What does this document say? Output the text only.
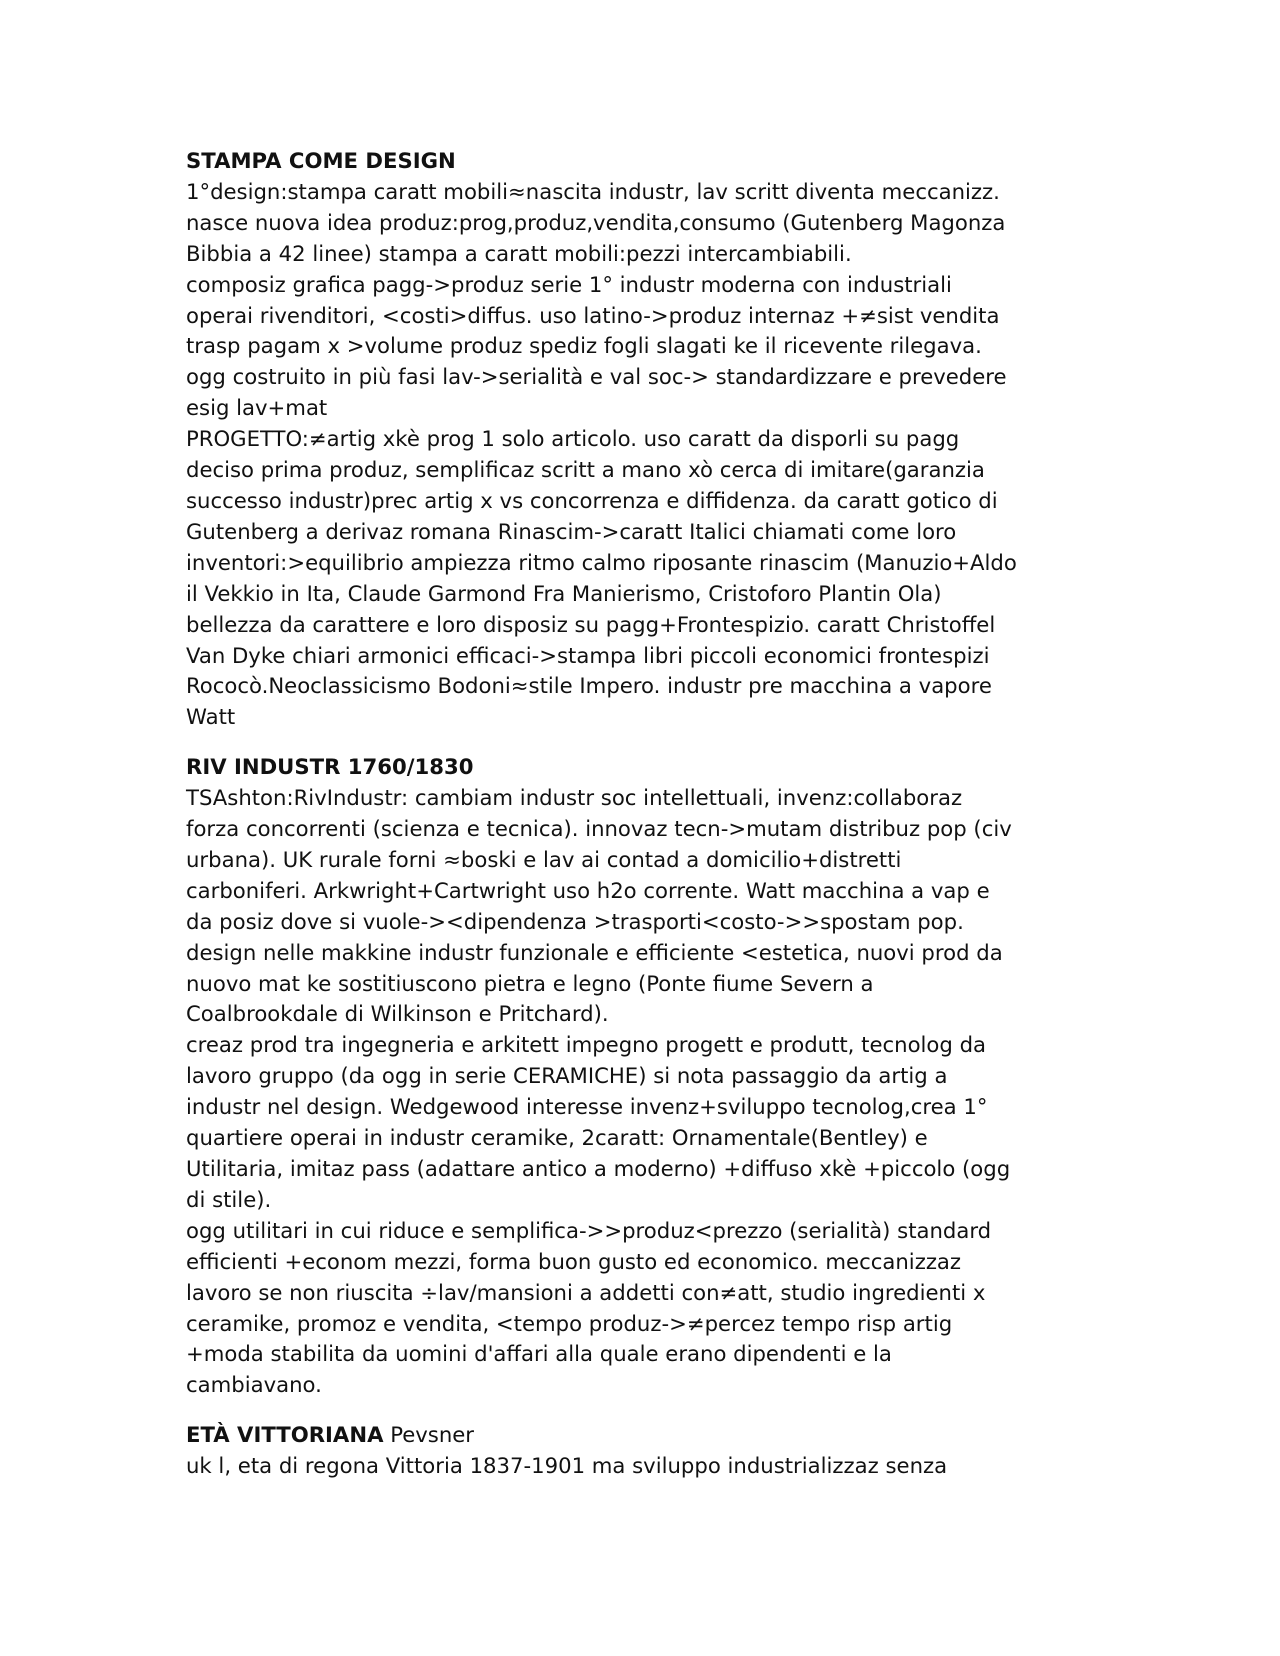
STAMPA COME DESIGN
1°design:stampa caratt mobili≈nascita industr, lav scritt diventa meccanizz.
nasce nuova idea produz:prog,produz,vendita,consumo (Gutenberg Magonza
Bibbia a 42 linee) stampa a caratt mobili:pezzi intercambiabili.
composiz grafica pagg->produz serie 1° industr moderna con industriali
operai rivenditori, <costi>diffus. uso latino->produz internaz +≠sist vendita
trasp pagam x >volume produz spediz fogli slagati ke il ricevente rilegava.
ogg costruito in più fasi lav->serialità e val soc-> standardizzare e prevedere
esig lav+mat
PROGETTO:≠artig xkè prog 1 solo articolo. uso caratt da disporli su pagg
deciso prima produz, semplificaz scritt a mano xò cerca di imitare(garanzia
successo industr)prec artig x vs concorrenza e diffidenza. da caratt gotico di
Gutenberg a derivaz romana Rinascim->caratt Italici chiamati come loro
inventori:>equilibrio ampiezza ritmo calmo riposante rinascim (Manuzio+Aldo
il Vekkio in Ita, Claude Garmond Fra Manierismo, Cristoforo Plantin Ola)
bellezza da carattere e loro disposiz su pagg+Frontespizio. caratt Christoffel
Van Dyke chiari armonici efficaci->stampa libri piccoli economici frontespizi
Rococò.Neoclassicismo Bodoni≈stile Impero. industr pre macchina a vapore
Watt
RIV INDUSTR 1760/1830
TSAshton:RivIndustr: cambiam industr soc intellettuali, invenz:collaboraz
forza concorrenti (scienza e tecnica). innovaz tecn->mutam distribuz pop (civ
urbana). UK rurale forni ≈boski e lav ai contad a domicilio+distretti
carboniferi. Arkwright+Cartwright uso h2o corrente. Watt macchina a vap e
da posiz dove si vuole-><dipendenza >trasporti<costo->>spostam pop.
design nelle makkine industr funzionale e efficiente <estetica, nuovi prod da
nuovo mat ke sostitiuscono pietra e legno (Ponte fiume Severn a
Coalbrookdale di Wilkinson e Pritchard).
creaz prod tra ingegneria e arkitett impegno progett e produtt, tecnolog da
lavoro gruppo (da ogg in serie CERAMICHE) si nota passaggio da artig a
industr nel design. Wedgewood interesse invenz+sviluppo tecnolog,crea 1°
quartiere operai in industr ceramike, 2caratt: Ornamentale(Bentley) e
Utilitaria, imitaz pass (adattare antico a moderno) +diffuso xkè +piccolo (ogg
di stile).
ogg utilitari in cui riduce e semplifica->>produz<prezzo (serialità) standard
efficienti +econom mezzi, forma buon gusto ed economico. meccanizzaz
lavoro se non riuscita ÷lav/mansioni a addetti con≠att, studio ingredienti x
ceramike, promoz e vendita, <tempo produz->≠percez tempo risp artig
+moda stabilita da uomini d'affari alla quale erano dipendenti e la
cambiavano.
ETÀ VITTORIANA Pevsner
uk l, eta di regona Vittoria 1837-1901 ma sviluppo industrializzaz senza
